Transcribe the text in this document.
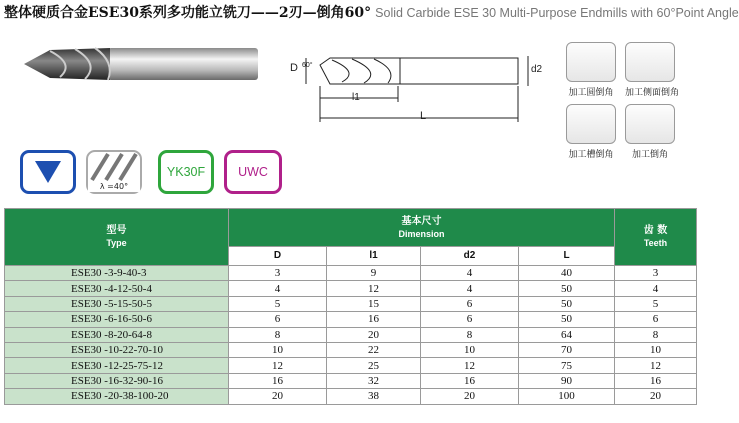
整体硬质合金ESE30系列多功能立铣刀——2刃—倒角60° Solid Carbide ESE 30 Multi-Purpose Endmills with 60°Point Angle
D 60°
l1
L
d2
加工圆倒角 加工侧面倒角
加工槽倒角	加工倒角
λ =40°
YK30F	UWC
型号
Type	基本尺寸
Dimension				齿 数
Teeth

	D	l1	d2	L	
ESE30 -3-9-40-3	3	9	4	40	3
ESE30 -4-12-50-4	4	12	4	50	4
ESE30 -5-15-50-5	5	15	6	50	5
ESE30 -6-16-50-6	6	16	6	50	6
ESE30 -8-20-64-8	8	20	8	64	8
ESE30 -10-22-70-10	10	22	10	70	10
ESE30 -12-25-75-12	12	25	12	75	12
ESE30 -16-32-90-16	16	32	16	90	16
ESE30 -20-38-100-20	20	38	20	100	20
